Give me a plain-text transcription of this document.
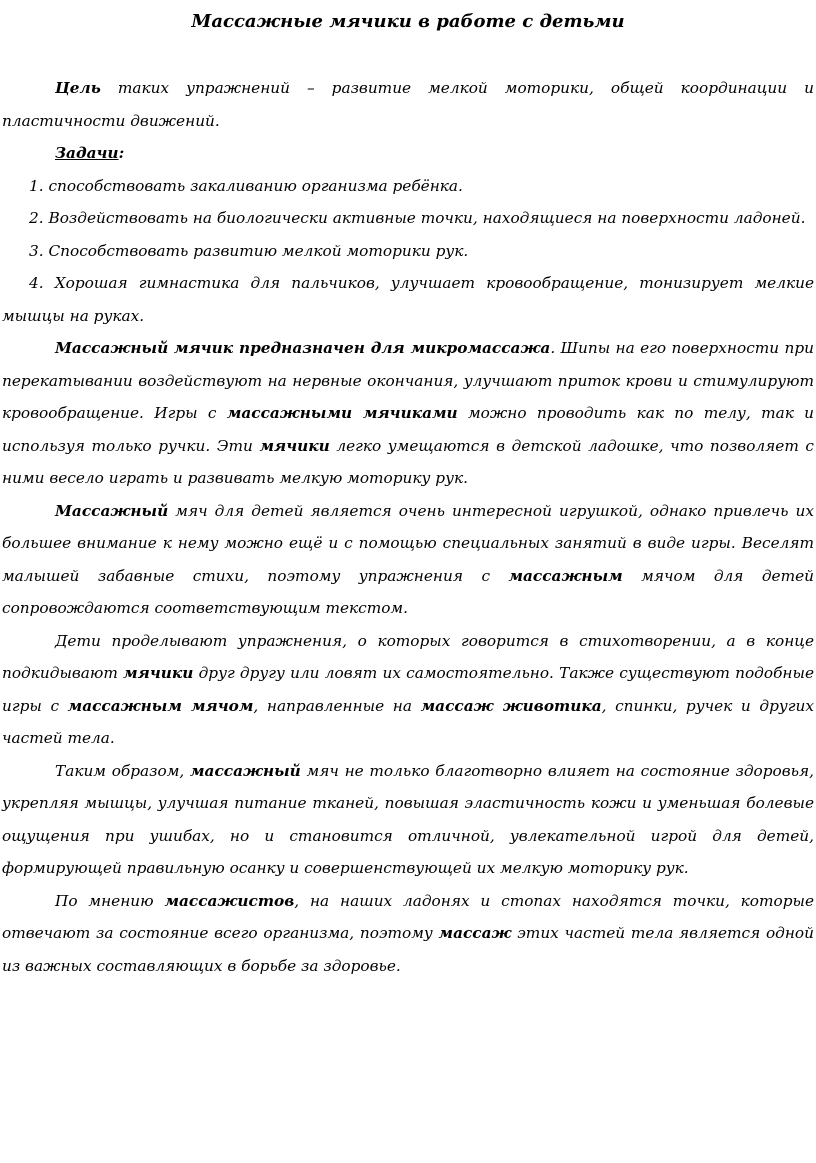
Массажные мячики в работе с детьми

Цель таких упражнений – развитие мелкой моторики, общей координации и пластичности движений.

Задачи:

1. способствовать закаливанию организма ребёнка.

2. Воздействовать на биологически активные точки, находящиеся на поверхности ладоней.

3. Способствовать развитию мелкой моторики рук.

4. Хорошая гимнастика для пальчиков, улучшает кровообращение, тонизирует мелкие мышцы на руках.

Массажный мячик предназначен для микромассажа. Шипы на его поверхности при перекатывании воздействуют на нервные окончания, улучшают приток крови и стимулируют кровообращение. Игры с массажными мячиками можно проводить как по телу, так и используя только ручки. Эти мячики легко умещаются в детской ладошке, что позволяет с ними весело играть и развивать мелкую моторику рук.

Массажный мяч для детей является очень интересной игрушкой, однако привлечь их большее внимание к нему можно ещё и с помощью специальных занятий в виде игры. Веселят малышей забавные стихи, поэтому упражнения с массажным мячом для детей сопровождаются соответствующим текстом.

Дети проделывают упражнения, о которых говорится в стихотворении, а в конце подкидывают мячики друг другу или ловят их самостоятельно. Также существуют подобные игры с массажным мячом, направленные на массаж животика, спинки, ручек и других частей тела.

Таким образом, массажный мяч не только благотворно влияет на состояние здоровья, укрепляя мышцы, улучшая питание тканей, повышая эластичность кожи и уменьшая болевые ощущения при ушибах, но и становится отличной, увлекательной игрой для детей, формирующей правильную осанку и совершенствующей их мелкую моторику рук.

По мнению массажистов, на наших ладонях и стопах находятся точки, которые отвечают за состояние всего организма, поэтому массаж этих частей тела является одной из важных составляющих в борьбе за здоровье.
